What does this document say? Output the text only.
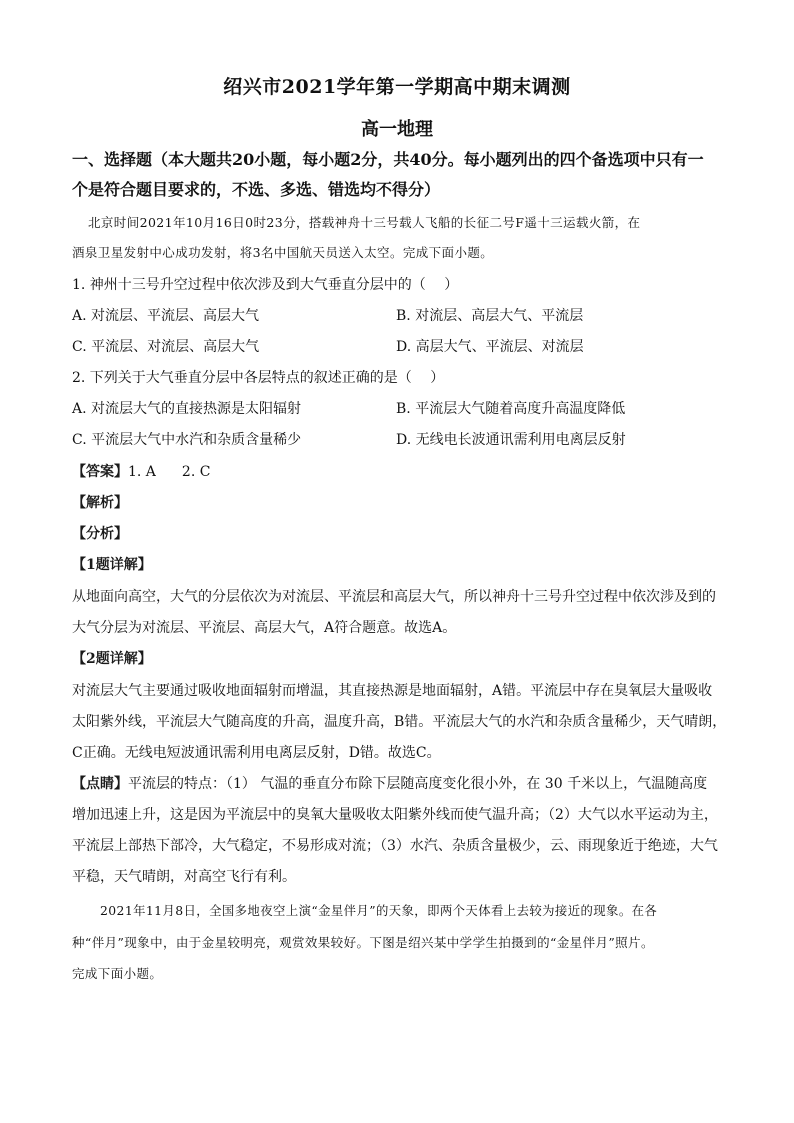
绍兴市2021学年第一学期高中期末调测
高一地理
一、选择题（本大题共20小题，每小题2分，共40分。每小题列出的四个备选项中只有一
个是符合题目要求的，不选、多选、错选均不得分）
北京时间2021年10月16日0时23分，搭载神舟十三号载人飞船的长征二号F遥十三运载火箭，在
酒泉卫星发射中心成功发射，将3名中国航天员送入太空。完成下面小题。
1. 神州十三号升空过程中依次涉及到大气垂直分层中的（　 ）
A. 对流层、平流层、高层大气	B. 对流层、高层大气、平流层
C. 平流层、对流层、高层大气	D. 高层大气、平流层、对流层
2. 下列关于大气垂直分层中各层特点的叙述正确的是（　 ）
A. 对流层大气的直接热源是太阳辐射	B. 平流层大气随着高度升高温度降低
C. 平流层大气中水汽和杂质含量稀少	D. 无线电长波通讯需利用电离层反射
【答案】1. A 2. C
【解析】
【分析】
【1题详解】
从地面向高空，大气的分层依次为对流层、平流层和高层大气，所以神舟十三号升空过程中依次涉及到的
大气分层为对流层、平流层、高层大气，A符合题意。故选A。
【2题详解】
对流层大气主要通过吸收地面辐射而增温，其直接热源是地面辐射，A错。平流层中存在臭氧层大量吸收
太阳紫外线，平流层大气随高度的升高，温度升高，B错。平流层大气的水汽和杂质含量稀少，天气晴朗，
C正确。无线电短波通讯需利用电离层反射，D错。故选C。
【点睛】平流层的特点：（1） 气温的垂直分布除下层随高度变化很小外，在 30 千米以上，气温随高度
增加迅速上升，这是因为平流层中的臭氧大量吸收太阳紫外线而使气温升高；（2）大气以水平运动为主，
平流层上部热下部冷，大气稳定，不易形成对流；（3）水汽、杂质含量极少，云、雨现象近于绝迹，大气
平稳，天气晴朗，对高空飞行有利。
2021年11月8日，全国多地夜空上演“金星伴月”的天象，即两个天体看上去较为接近的现象。在各
种“伴月”现象中，由于金星较明亮，观赏效果较好。下图是绍兴某中学学生拍摄到的“金星伴月”照片。
完成下面小题。
